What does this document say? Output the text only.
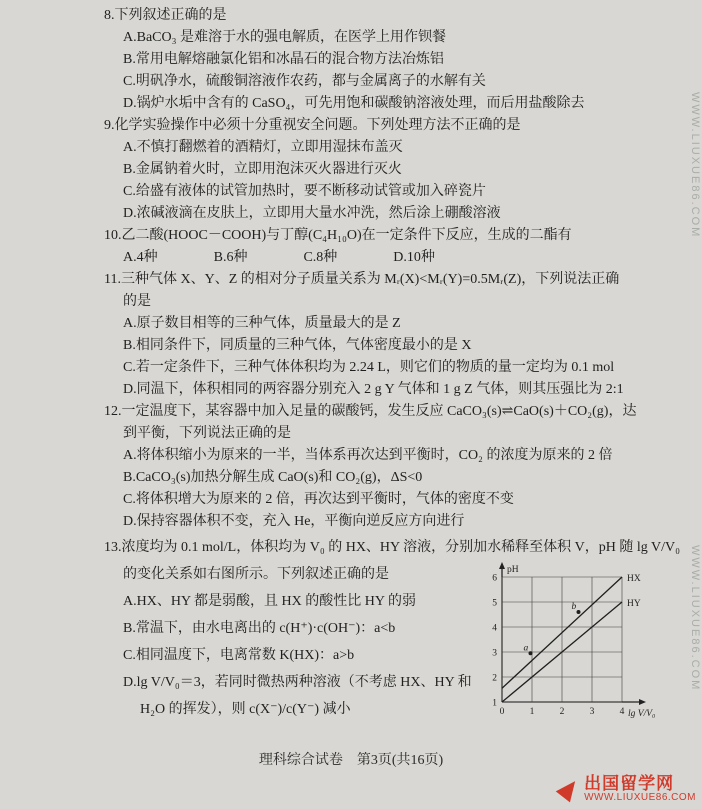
8.下列叙述正确的是
A.BaCO₃ 是难溶于水的强电解质，在医学上用作钡餐
B.常用电解熔融氯化铝和冰晶石的混合物方法冶炼铝
C.明矾净水，硫酸铜溶液作农药，都与金属离子的水解有关
D.锅炉水垢中含有的 CaSO₄，可先用饱和碳酸钠溶液处理，而后用盐酸除去
9.化学实验操作中必须十分重视安全问题。下列处理方法不正确的是
A.不慎打翻燃着的酒精灯，立即用湿抹布盖灭
B.金属钠着火时，立即用泡沫灭火器进行灭火
C.给盛有液体的试管加热时，要不断移动试管或加入碎瓷片
D.浓碱液滴在皮肤上，立即用大量水冲洗，然后涂上硼酸溶液
10.乙二酸(HOOC－COOH)与丁醇(C₄H₁₀O)在一定条件下反应，生成的二酯有
A.4种　　　　B.6种　　　　C.8种　　　　D.10种
11.三种气体 X、Y、Z 的相对分子质量关系为 Mᵣ(X)<Mᵣ(Y)=0.5Mᵣ(Z)，下列说法正确
的是
A.原子数目相等的三种气体，质量最大的是 Z
B.相同条件下，同质量的三种气体，气体密度最小的是 X
C.若一定条件下，三种气体体积均为 2.24 L，则它们的物质的量一定均为 0.1 mol
D.同温下，体积相同的两容器分别充入 2 g Y 气体和 1 g Z 气体，则其压强比为 2:1
12.一定温度下，某容器中加入足量的碳酸钙，发生反应 CaCO₃(s)⇌CaO(s)＋CO₂(g)，达
到平衡，下列说法正确的是
A.将体积缩小为原来的一半，当体系再次达到平衡时，CO₂ 的浓度为原来的 2 倍
B.CaCO₃(s)加热分解生成 CaO(s)和 CO₂(g)，ΔS<0
C.将体积增大为原来的 2 倍，再次达到平衡时，气体的密度不变
D.保持容器体积不变，充入 He，平衡向逆反应方向进行
13.浓度均为 0.1 mol/L，体积均为 V₀ 的 HX、HY 溶液，分别加水稀释至体积 V，pH 随 lg V/V₀
的变化关系如右图所示。下列叙述正确的是
A.HX、HY 都是弱酸，且 HX 的酸性比 HY 的弱
B.常温下，由水电离出的 c(H⁺)·c(OH⁻)：a<b
C.相同温度下，电离常数 K(HX)：a>b
D.lg V/V₀＝3，若同时微热两种溶液（不考虑 HX、HY 和
H₂O 的挥发），则 c(X⁻)/c(Y⁻) 减小
pH
lg V/V₀
1
2
3
4
5
6
0	1	2	3	4
HX
HY
a
b
理科综合试卷　第3页(共16页)
WWW.LIUXUE86.COM
WWW.LIUXUE86.COM
出国留学网
WWW.LIUXUE86.COM
